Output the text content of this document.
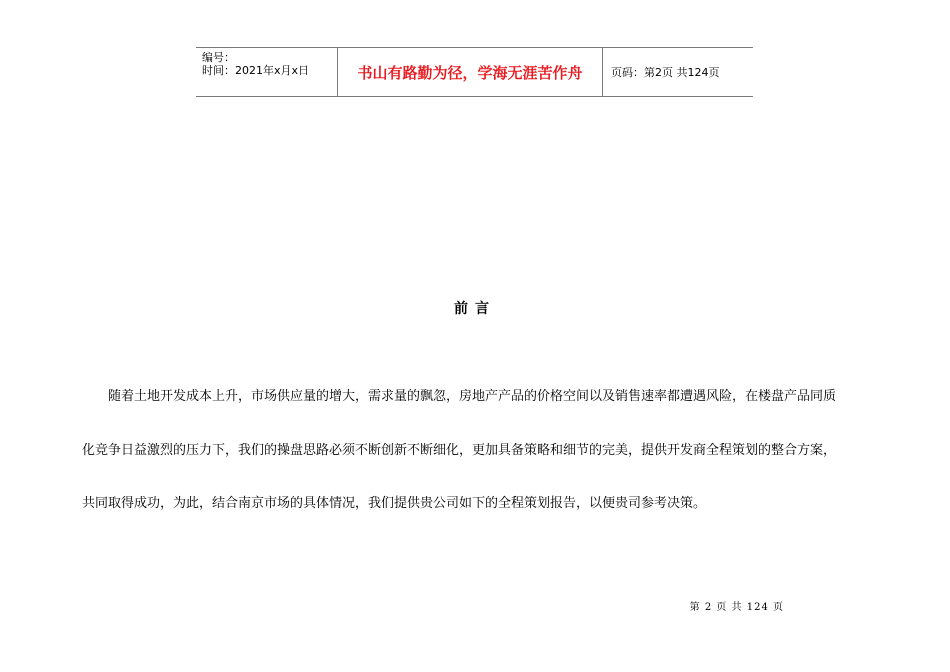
编号：
时间：2021年x月x日	书山有路勤为径，学海无涯苦作舟	页码：第2页 共124页
前言
随着土地开发成本上升，市场供应量的增大，需求量的飘忽，房地产产品的价格空间以及销售速率都遭遇风险，在楼盘产品同质
化竞争日益激烈的压力下，我们的操盘思路必须不断创新不断细化，更加具备策略和细节的完美，提供开发商全程策划的整合方案，
共同取得成功，为此，结合南京市场的具体情况，我们提供贵公司如下的全程策划报告，以便贵司参考决策。
第 2 页 共 124 页
